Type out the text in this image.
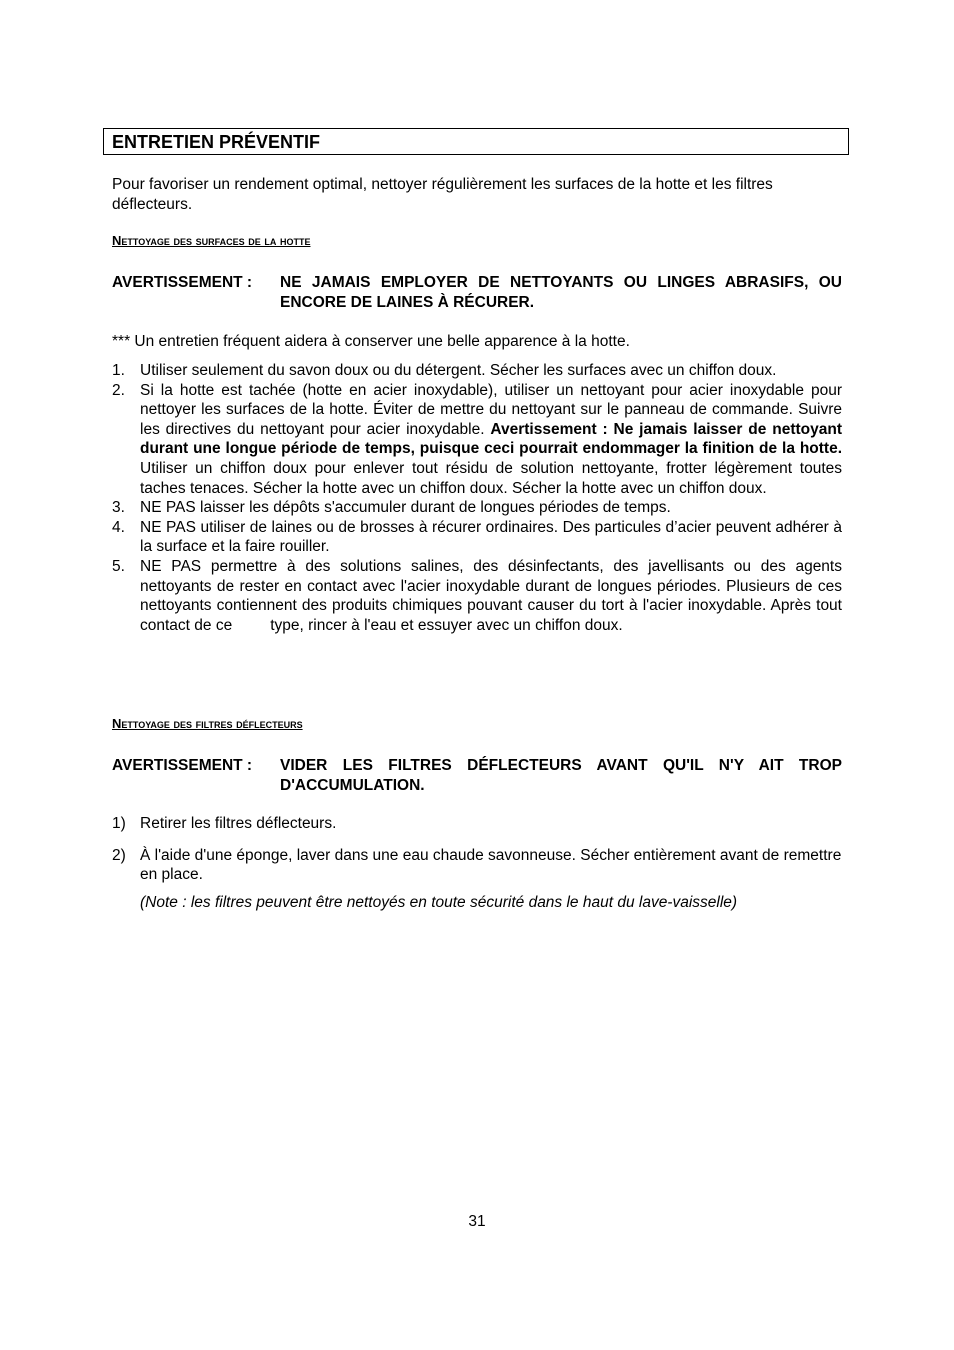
ENTRETIEN PRÉVENTIF
Pour favoriser un rendement optimal, nettoyer régulièrement les surfaces de la hotte et les filtres déflecteurs.
Nettoyage des surfaces de la hotte
AVERTISSEMENT :	NE JAMAIS EMPLOYER DE NETTOYANTS OU LINGES ABRASIFS, OU ENCORE DE LAINES À RÉCURER.
*** Un entretien fréquent aidera à conserver une belle apparence à la hotte.
1. Utiliser seulement du savon doux ou du détergent. Sécher les surfaces avec un chiffon doux.
2. Si la hotte est tachée (hotte en acier inoxydable), utiliser un nettoyant pour acier inoxydable pour nettoyer les surfaces de la hotte. Éviter de mettre du nettoyant sur le panneau de commande. Suivre les directives du nettoyant pour acier inoxydable. Avertissement : Ne jamais laisser de nettoyant durant une longue période de temps, puisque ceci pourrait endommager la finition de la hotte. Utiliser un chiffon doux pour enlever tout résidu de solution nettoyante, frotter légèrement toutes taches tenaces. Sécher la hotte avec un chiffon doux. Sécher la hotte avec un chiffon doux.
3. NE PAS laisser les dépôts s'accumuler durant de longues périodes de temps.
4. NE PAS utiliser de laines ou de brosses à récurer ordinaires. Des particules d’acier peuvent adhérer à la surface et la faire rouiller.
5. NE PAS permettre à des solutions salines, des désinfectants, des javellisants ou des agents nettoyants de rester en contact avec l'acier inoxydable durant de longues périodes. Plusieurs de ces nettoyants contiennent des produits chimiques pouvant causer du tort à l'acier inoxydable. Après tout contact de ce type, rincer à l'eau et essuyer avec un chiffon doux.
Nettoyage des filtres déflecteurs
AVERTISSEMENT :	VIDER LES FILTRES DÉFLECTEURS AVANT QU'IL N'Y AIT TROP D'ACCUMULATION.
1) Retirer les filtres déflecteurs.
2) À l'aide d'une éponge, laver dans une eau chaude savonneuse. Sécher entièrement avant de remettre en place.
(Note : les filtres peuvent être nettoyés en toute sécurité dans le haut du lave-vaisselle)
31
